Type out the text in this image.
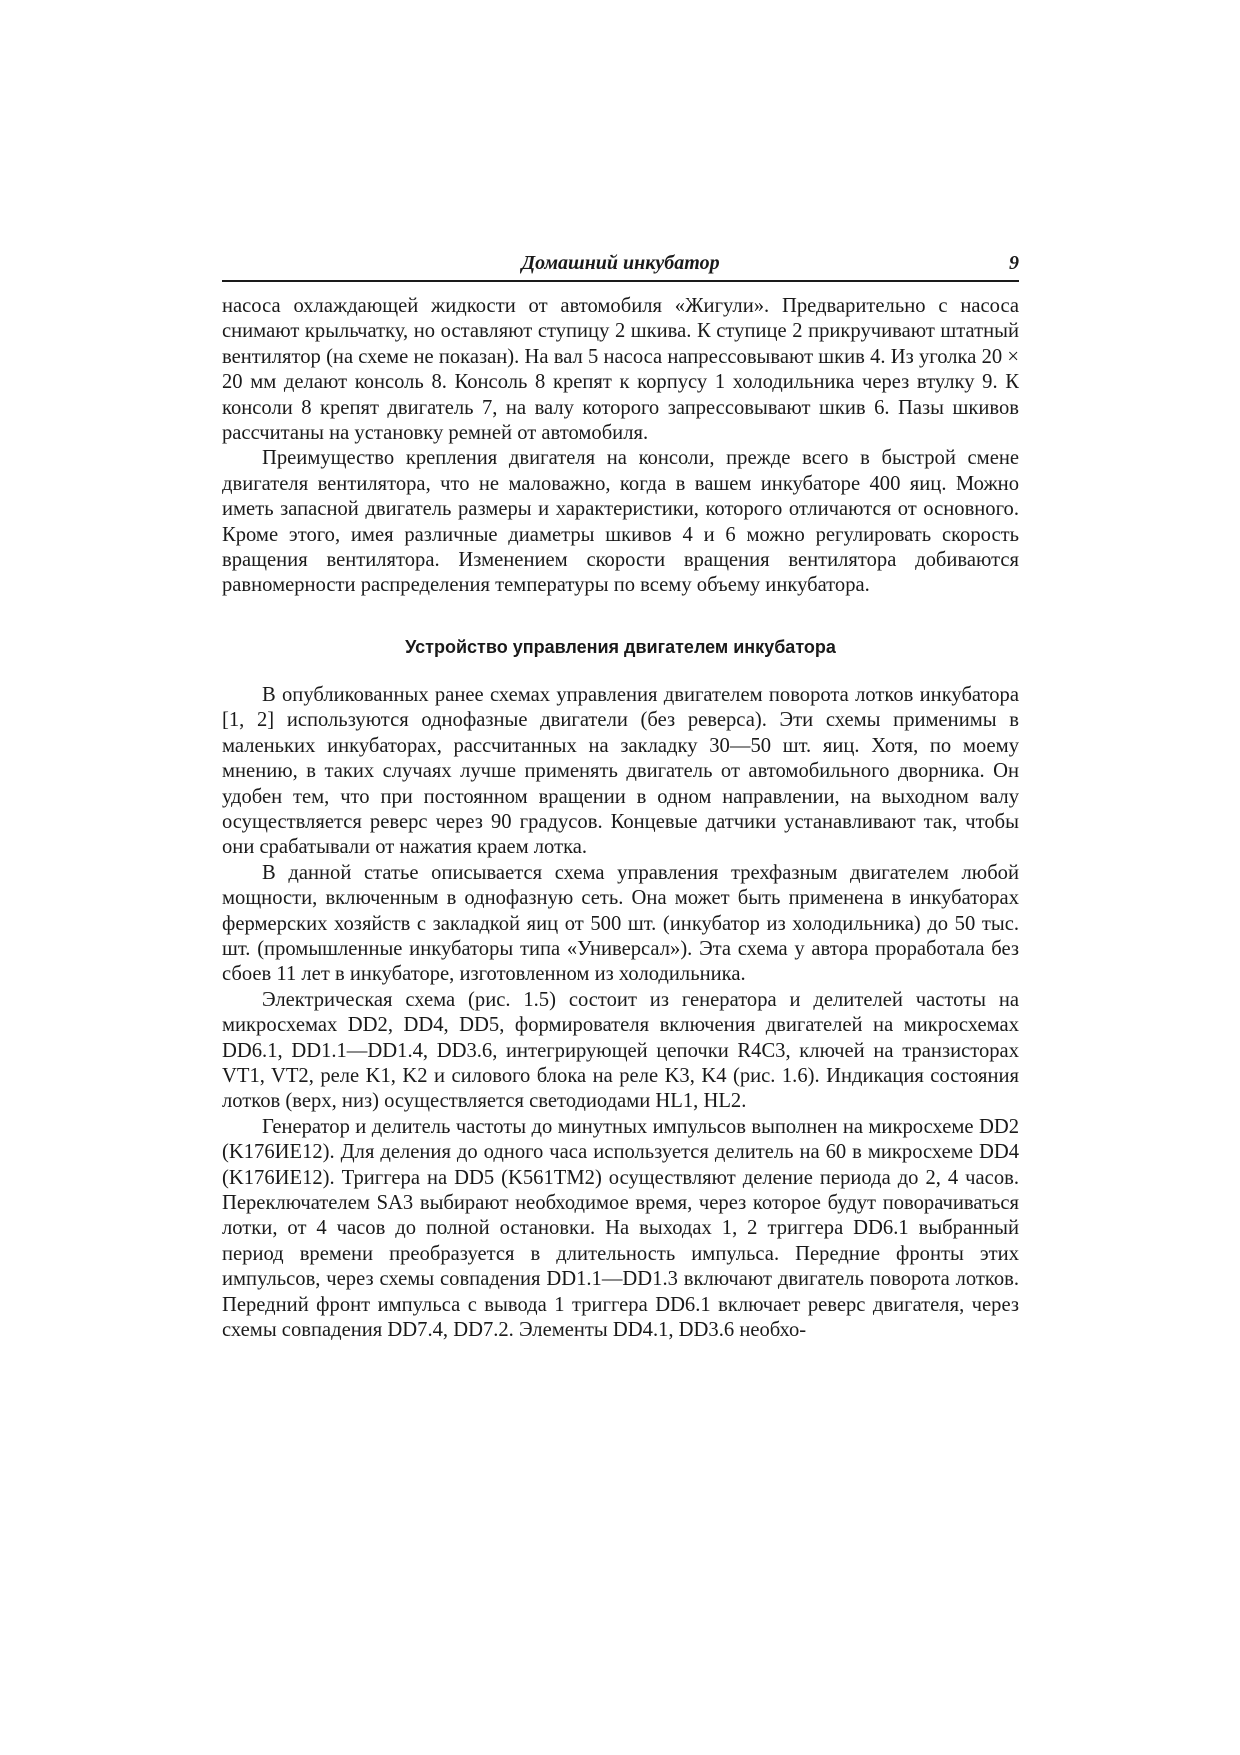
Домашний инкубатор	9

насоса охлаждающей жидкости от автомобиля «Жигули». Предварительно с насоса снимают крыльчатку, но оставляют ступицу 2 шкива. К ступице 2 прикручивают штатный вентилятор (на схеме не показан). На вал 5 насоса напрессовывают шкив 4. Из уголка 20 × 20 мм делают консоль 8. Консоль 8 крепят к корпусу 1 холодильника через втулку 9. К консоли 8 крепят двигатель 7, на валу которого запрессовывают шкив 6. Пазы шкивов рассчитаны на установку ремней от автомобиля.

Преимущество крепления двигателя на консоли, прежде всего в быстрой смене двигателя вентилятора, что не маловажно, когда в вашем инкубаторе 400 яиц. Можно иметь запасной двигатель размеры и характеристики, которого отличаются от основного. Кроме этого, имея различные диаметры шкивов 4 и 6 можно регулировать скорость вращения вентилятора. Изменением скорости вращения вентилятора добиваются равномерности распределения температуры по всему объему инкубатора.

Устройство управления двигателем инкубатора

В опубликованных ранее схемах управления двигателем поворота лотков инкубатора [1, 2] используются однофазные двигатели (без реверса). Эти схемы применимы в маленьких инкубаторах, рассчитанных на закладку 30—50 шт. яиц. Хотя, по моему мнению, в таких случаях лучше применять двигатель от автомобильного дворника. Он удобен тем, что при постоянном вращении в одном направлении, на выходном валу осуществляется реверс через 90 градусов. Концевые датчики устанавливают так, чтобы они срабатывали от нажатия краем лотка.

В данной статье описывается схема управления трехфазным двигателем любой мощности, включенным в однофазную сеть. Она может быть применена в инкубаторах фермерских хозяйств с закладкой яиц от 500 шт. (инкубатор из холодильника) до 50 тыс. шт. (промышленные инкубаторы типа «Универсал»). Эта схема у автора проработала без сбоев 11 лет в инкубаторе, изготовленном из холодильника.

Электрическая схема (рис. 1.5) состоит из генератора и делителей частоты на микросхемах DD2, DD4, DD5, формирователя включения двигателей на микросхемах DD6.1, DD1.1—DD1.4, DD3.6, интегрирующей цепочки R4C3, ключей на транзисторах VT1, VT2, реле K1, K2 и силового блока на реле K3, K4 (рис. 1.6). Индикация состояния лотков (верх, низ) осуществляется светодиодами HL1, HL2.

Генератор и делитель частоты до минутных импульсов выполнен на микросхеме DD2 (K176ИЕ12). Для деления до одного часа используется делитель на 60 в микросхеме DD4 (K176ИЕ12). Триггера на DD5 (K561TM2) осуществляют деление периода до 2, 4 часов. Переключателем SA3 выбирают необходимое время, через которое будут поворачиваться лотки, от 4 часов до полной остановки. На выходах 1, 2 триггера DD6.1 выбранный период времени преобразуется в длительность импульса. Передние фронты этих импульсов, через схемы совпадения DD1.1—DD1.3 включают двигатель поворота лотков. Передний фронт импульса с вывода 1 триггера DD6.1 включает реверс двигателя, через схемы совпадения DD7.4, DD7.2. Элементы DD4.1, DD3.6 необхо-
